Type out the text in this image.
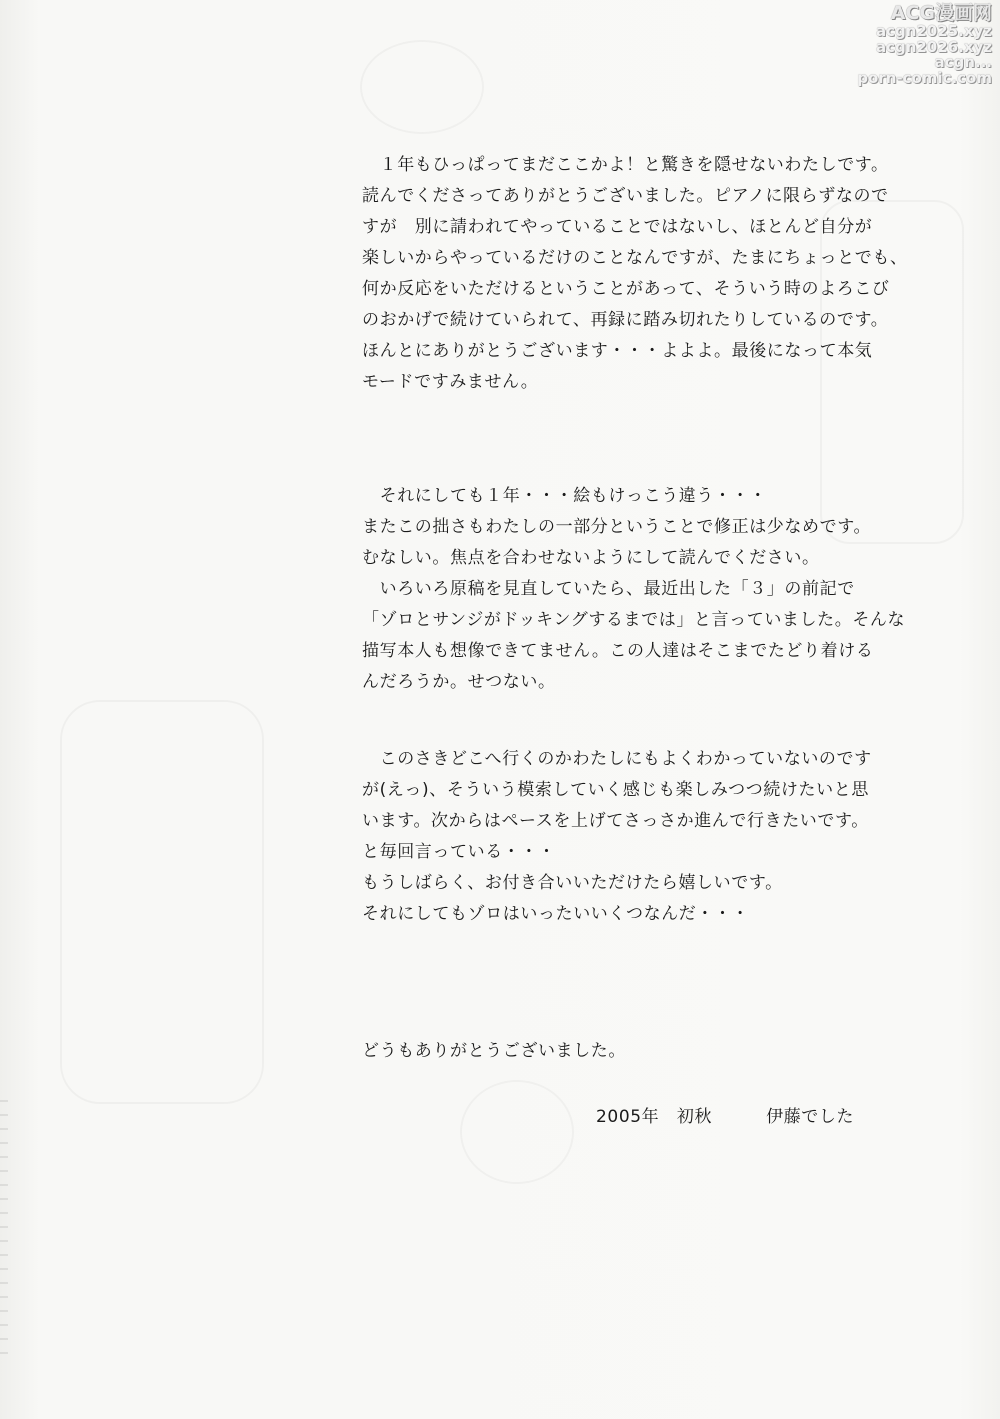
ACG漫画网
acgn2025.xyz
acgn2026.xyz
acgn...
porn-comic.com

　１年もひっぱってまだここかよ！と驚きを隠せないわたしです。
読んでくださってありがとうございました。ピアノに限らずなので
すが　別に請われてやっていることではないし、ほとんど自分が
楽しいからやっているだけのことなんですが、たまにちょっとでも、
何か反応をいただけるということがあって、そういう時のよろこび
のおかげで続けていられて、再録に踏み切れたりしているのです。
ほんとにありがとうございます・・・よよよ。最後になって本気
モードですみません。

　それにしても１年・・・絵もけっこう違う・・・
またこの拙さもわたしの一部分ということで修正は少なめです。
むなしい。焦点を合わせないようにして読んでください。
　いろいろ原稿を見直していたら、最近出した「３」の前記で
「ゾロとサンジがドッキングするまでは」と言っていました。そんな
描写本人も想像できてません。この人達はそこまでたどり着ける
んだろうか。せつない。

　このさきどこへ行くのかわたしにもよくわかっていないのです
が(えっ)、そういう模索していく感じも楽しみつつ続けたいと思
います。次からはペースを上げてさっさか進んで行きたいです。
と毎回言っている・・・
もうしばらく、お付き合いいただけたら嬉しいです。
それにしてもゾロはいったいいくつなんだ・・・

どうもありがとうございました。

2005年　初秋	伊藤でした
